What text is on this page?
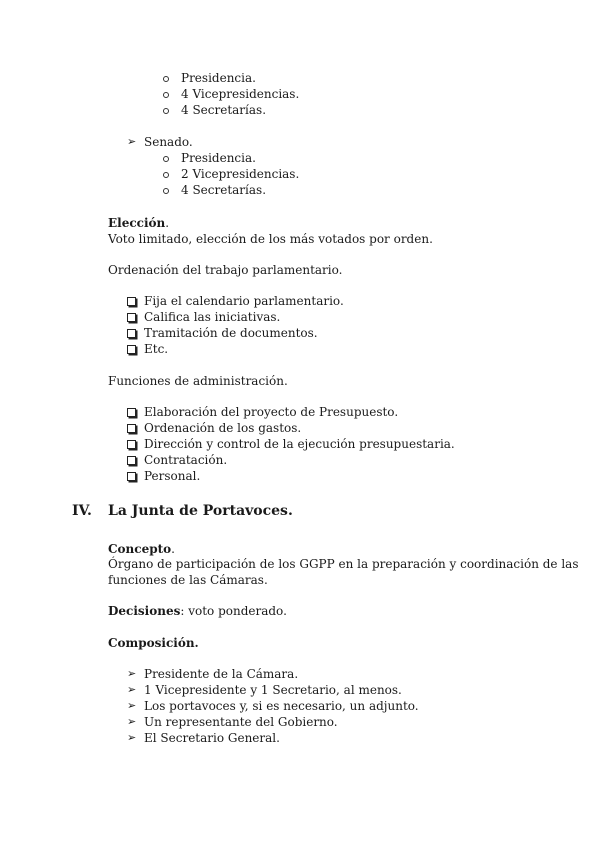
Presidencia.
4 Vicepresidencias.
4 Secretarías.
➢ Senado.
Presidencia.
2 Vicepresidencias.
4 Secretarías.
Elección.
Voto limitado, elección de los más votados por orden.
Ordenación del trabajo parlamentario.
Fija el calendario parlamentario.
Califica las iniciativas.
Tramitación de documentos.
Etc.
Funciones de administración.
Elaboración del proyecto de Presupuesto.
Ordenación de los gastos.
Dirección y control de la ejecución presupuestaria.
Contratación.
Personal.
IV. La Junta de Portavoces.
Concepto.
Órgano de participación de los GGPP en la preparación y coordinación de las
funciones de las Cámaras.
Decisiones: voto ponderado.
Composición.
➢ Presidente de la Cámara.
➢ 1 Vicepresidente y 1 Secretario, al menos.
➢ Los portavoces y, si es necesario, un adjunto.
➢ Un representante del Gobierno.
➢ El Secretario General.
